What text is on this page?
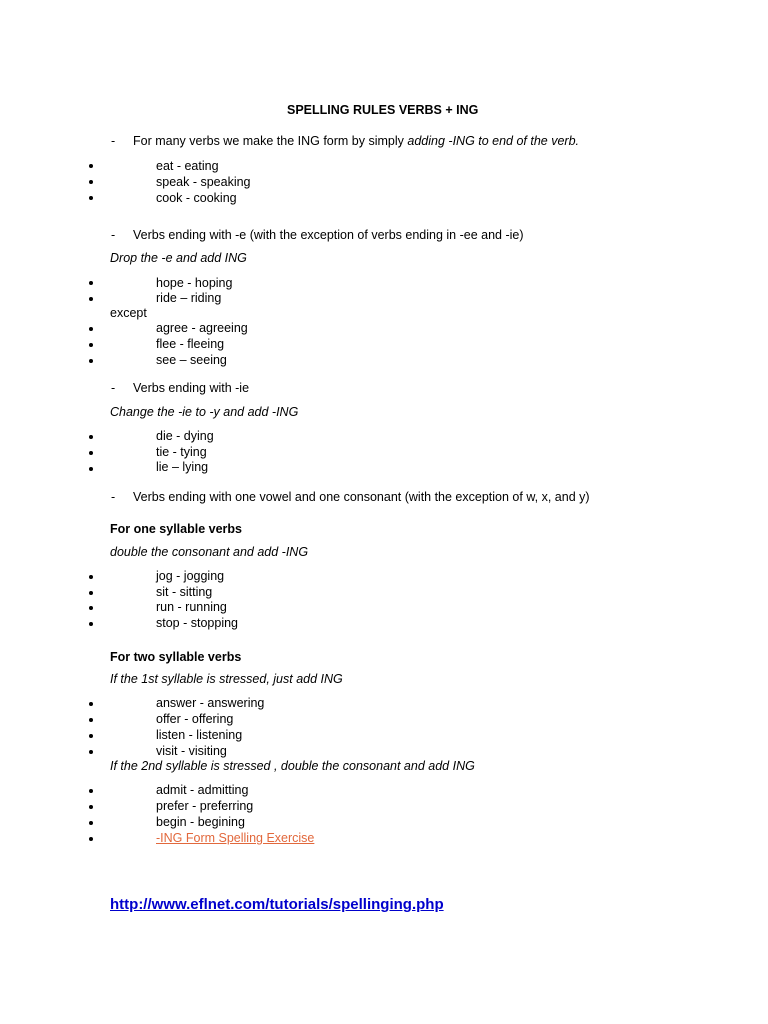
SPELLING RULES VERBS + ING
- For many verbs we make the ING form by simply adding -ING to end of the verb.
eat - eating
speak - speaking
cook - cooking
- Verbs ending with -e (with the exception of verbs ending in -ee and -ie)
Drop the -e and add ING
hope - hoping
ride – riding
except
agree - agreeing
flee - fleeing
see – seeing
- Verbs ending with -ie
Change the -ie to -y and add -ING
die - dying
tie - tying
lie – lying
- Verbs ending with one vowel and one consonant (with the exception of w, x, and y)
For one syllable verbs
double the consonant and add -ING
jog - jogging
sit - sitting
run - running
stop - stopping
For two syllable verbs
If the 1st syllable is stressed, just add ING
answer - answering
offer - offering
listen - listening
visit - visiting
If the 2nd syllable is stressed , double the consonant and add ING
admit - admitting
prefer - preferring
begin - begining
-ING Form Spelling Exercise
http://www.eflnet.com/tutorials/spellinging.php
